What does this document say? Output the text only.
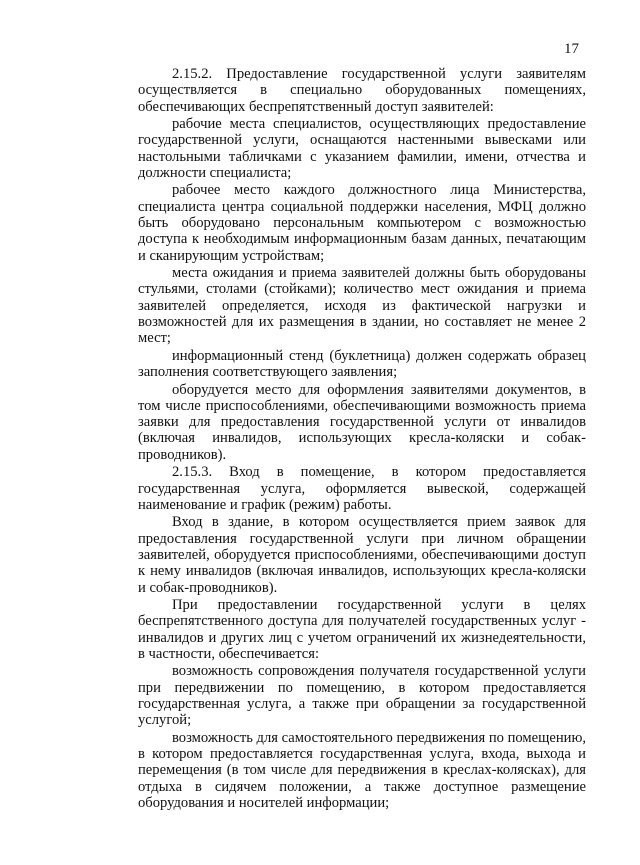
17

2.15.2. Предоставление государственной услуги заявителям осуществляется в специально оборудованных помещениях, обеспечивающих беспрепятственный доступ заявителей:

рабочие места специалистов, осуществляющих предоставление государственной услуги, оснащаются настенными вывесками или настольными табличками с указанием фамилии, имени, отчества и должности специалиста;

рабочее место каждого должностного лица Министерства, специалиста центра социальной поддержки населения, МФЦ должно быть оборудовано персональным компьютером с возможностью доступа к необходимым информационным базам данных, печатающим и сканирующим устройствам;

места ожидания и приема заявителей должны быть оборудованы стульями, столами (стойками); количество мест ожидания и приема заявителей определяется, исходя из фактической нагрузки и возможностей для их размещения в здании, но составляет не менее 2 мест;

информационный стенд (буклетница) должен содержать образец заполнения соответствующего заявления;

оборудуется место для оформления заявителями документов, в том числе приспособлениями, обеспечивающими возможность приема заявки для предоставления государственной услуги от инвалидов (включая инвалидов, использующих кресла-коляски и собак-проводников).

2.15.3. Вход в помещение, в котором предоставляется государственная услуга, оформляется вывеской, содержащей наименование и график (режим) работы.

Вход в здание, в котором осуществляется прием заявок для предоставления государственной услуги при личном обращении заявителей, оборудуется приспособлениями, обеспечивающими доступ к нему инвалидов (включая инвалидов, использующих кресла-коляски и собак-проводников).

При предоставлении государственной услуги в целях беспрепятственного доступа для получателей государственных услуг - инвалидов и других лиц с учетом ограничений их жизнедеятельности, в частности, обеспечивается:

возможность сопровождения получателя государственной услуги при передвижении по помещению, в котором предоставляется государственная услуга, а также при обращении за государственной услугой;

возможность для самостоятельного передвижения по помещению, в котором предоставляется государственная услуга, входа, выхода и перемещения (в том числе для передвижения в креслах-колясках), для отдыха в сидячем положении, а также доступное размещение оборудования и носителей информации;
